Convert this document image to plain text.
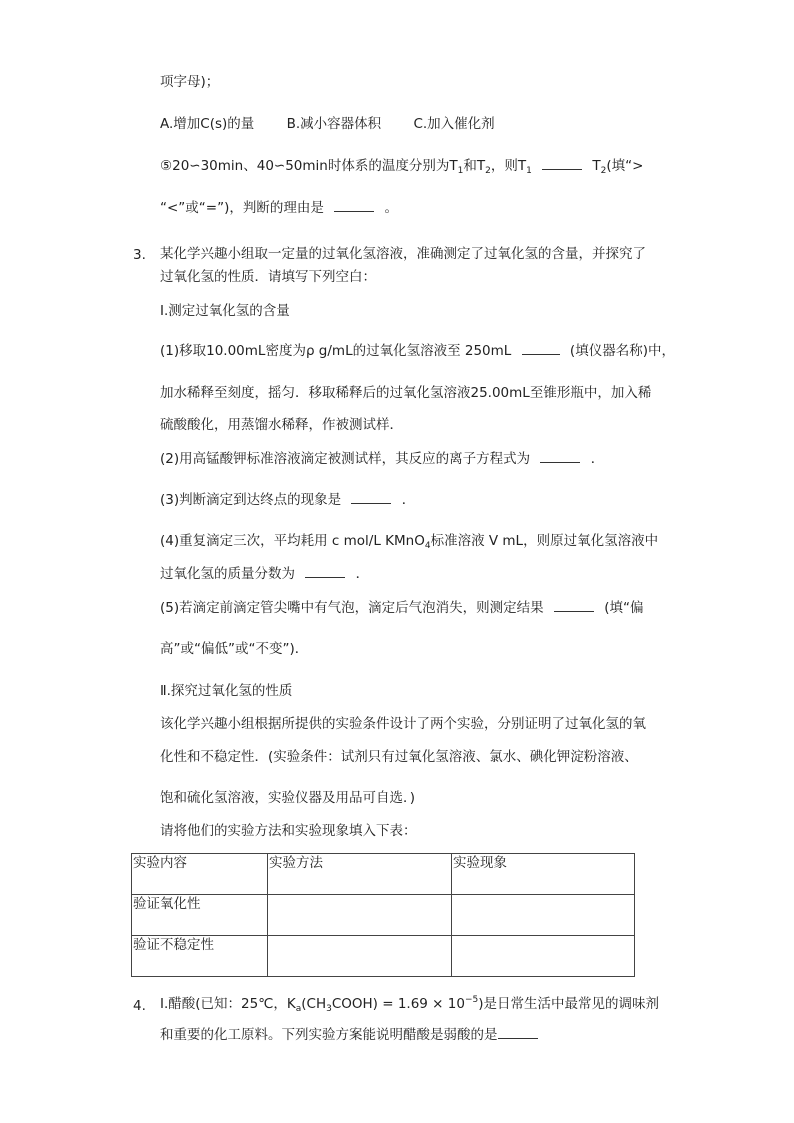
项字母)；
A.增加C(s)的量 B.减小容器体积 C.加入催化剂
⑤20∽30min、40∽50min时体系的温度分别为$T_1$和$T_2$，则$T_1$	$T_2$(填“>
“<”或“=”)，判断的理由是	。
3. 某化学兴趣小组取一定量的过氧化氢溶液，准确测定了过氧化氢的含量，并探究了
过氧化氢的性质．请填写下列空白：
Ⅰ.测定过氧化氢的含量
(1)移取10.00mL密度为ρ g/mL的过氧化氢溶液至 250mL	(填仪器名称)中，
加水稀释至刻度，摇匀．移取稀释后的过氧化氢溶液25.00mL至锥形瓶中，加入稀
硫酸酸化，用蒸馏水稀释，作被测试样．
(2)用高锰酸钾标准溶液滴定被测试样，其反应的离子方程式为	．
(3)判断滴定到达终点的现象是	．
(4)重复滴定三次，平均耗用 c mol/L KMnO$_4$标准溶液 V mL，则原过氧化氢溶液中
过氧化氢的质量分数为	．
(5)若滴定前滴定管尖嘴中有气泡，滴定后气泡消失，则测定结果	(填“偏
高”或“偏低”或“不变”)．
Ⅱ.探究过氧化氢的性质
该化学兴趣小组根据所提供的实验条件设计了两个实验，分别证明了过氧化氢的氧
化性和不稳定性．(实验条件：试剂只有过氧化氢溶液、氯水、碘化钾淀粉溶液、
饱和硫化氢溶液，实验仪器及用品可自选．)
请将他们的实验方法和实验现象填入下表：
实验内容	实验方法	实验现象
验证氧化性		
验证不稳定性		
4. Ⅰ.醋酸(已知：25℃，$K_a(CH_3COOH) = 1.69 \times 10^{-5}$)是日常生活中最常见的调味剂
和重要的化工原料。下列实验方案能说明醋酸是弱酸的是
